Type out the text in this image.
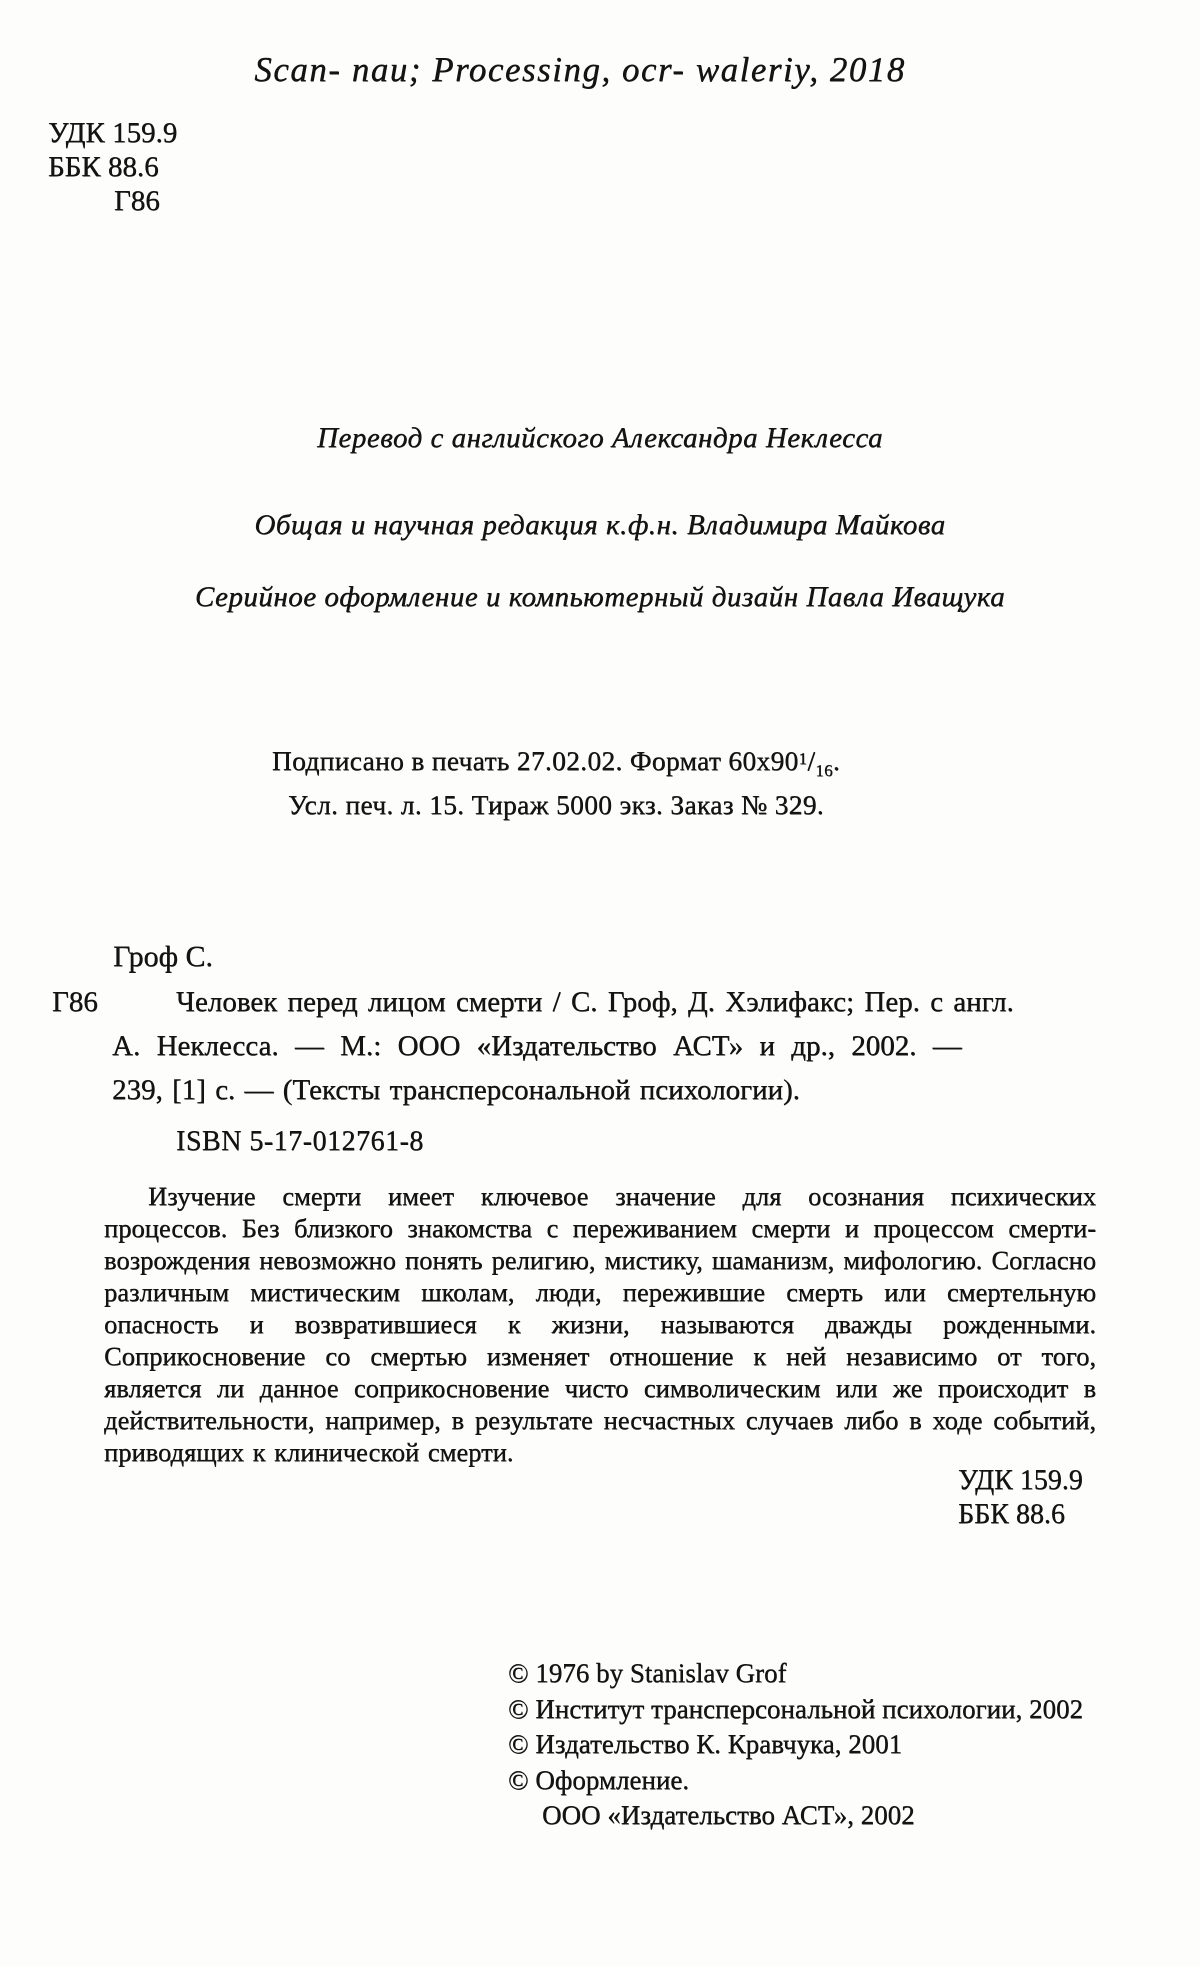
Scan- nau; Processing, ocr- waleriy, 2018
УДК 159.9
ББК 88.6
Г86
Перевод с английского Александра Неклесса
Общая и научная редакция к.ф.н. Владимира Майкова
Серийное оформление и компьютерный дизайн Павла Иващука
Подписано в печать 27.02.02. Формат $60х90^1/_{16}$.
Усл. печ. л. 15. Тираж 5000 экз. Заказ № 329.
Гроф С.
Г86	Человек перед лицом смерти / С. Гроф, Д. Хэлифакс; Пер. с англ.
А. Неклесса. — М.: ООО «Издательство АСТ» и др., 2002. —
239, [1] с. — (Тексты трансперсональной психологии).
ISBN 5-17-012761-8
Изучение смерти имеет ключевое значение для осознания психических процессов. Без близкого знакомства с переживанием смерти и процессом смерти-возрождения невозможно понять религию, мистику, шаманизм, мифологию. Согласно различным мистическим школам, люди, пережившие смерть или смертельную опасность и возвратившиеся к жизни, называются дважды рожденными. Соприкосновение со смертью изменяет отношение к ней независимо от того, является ли данное соприкосновение чисто символическим или же происходит в действительности, например, в результате несчастных случаев либо в ходе событий, приводящих к клинической смерти.
УДК 159.9
ББК 88.6
© 1976 by Stanislav Grof
© Институт трансперсональной психологии, 2002
© Издательство К. Кравчука, 2001
© Оформление.
ООО «Издательство АСТ», 2002
